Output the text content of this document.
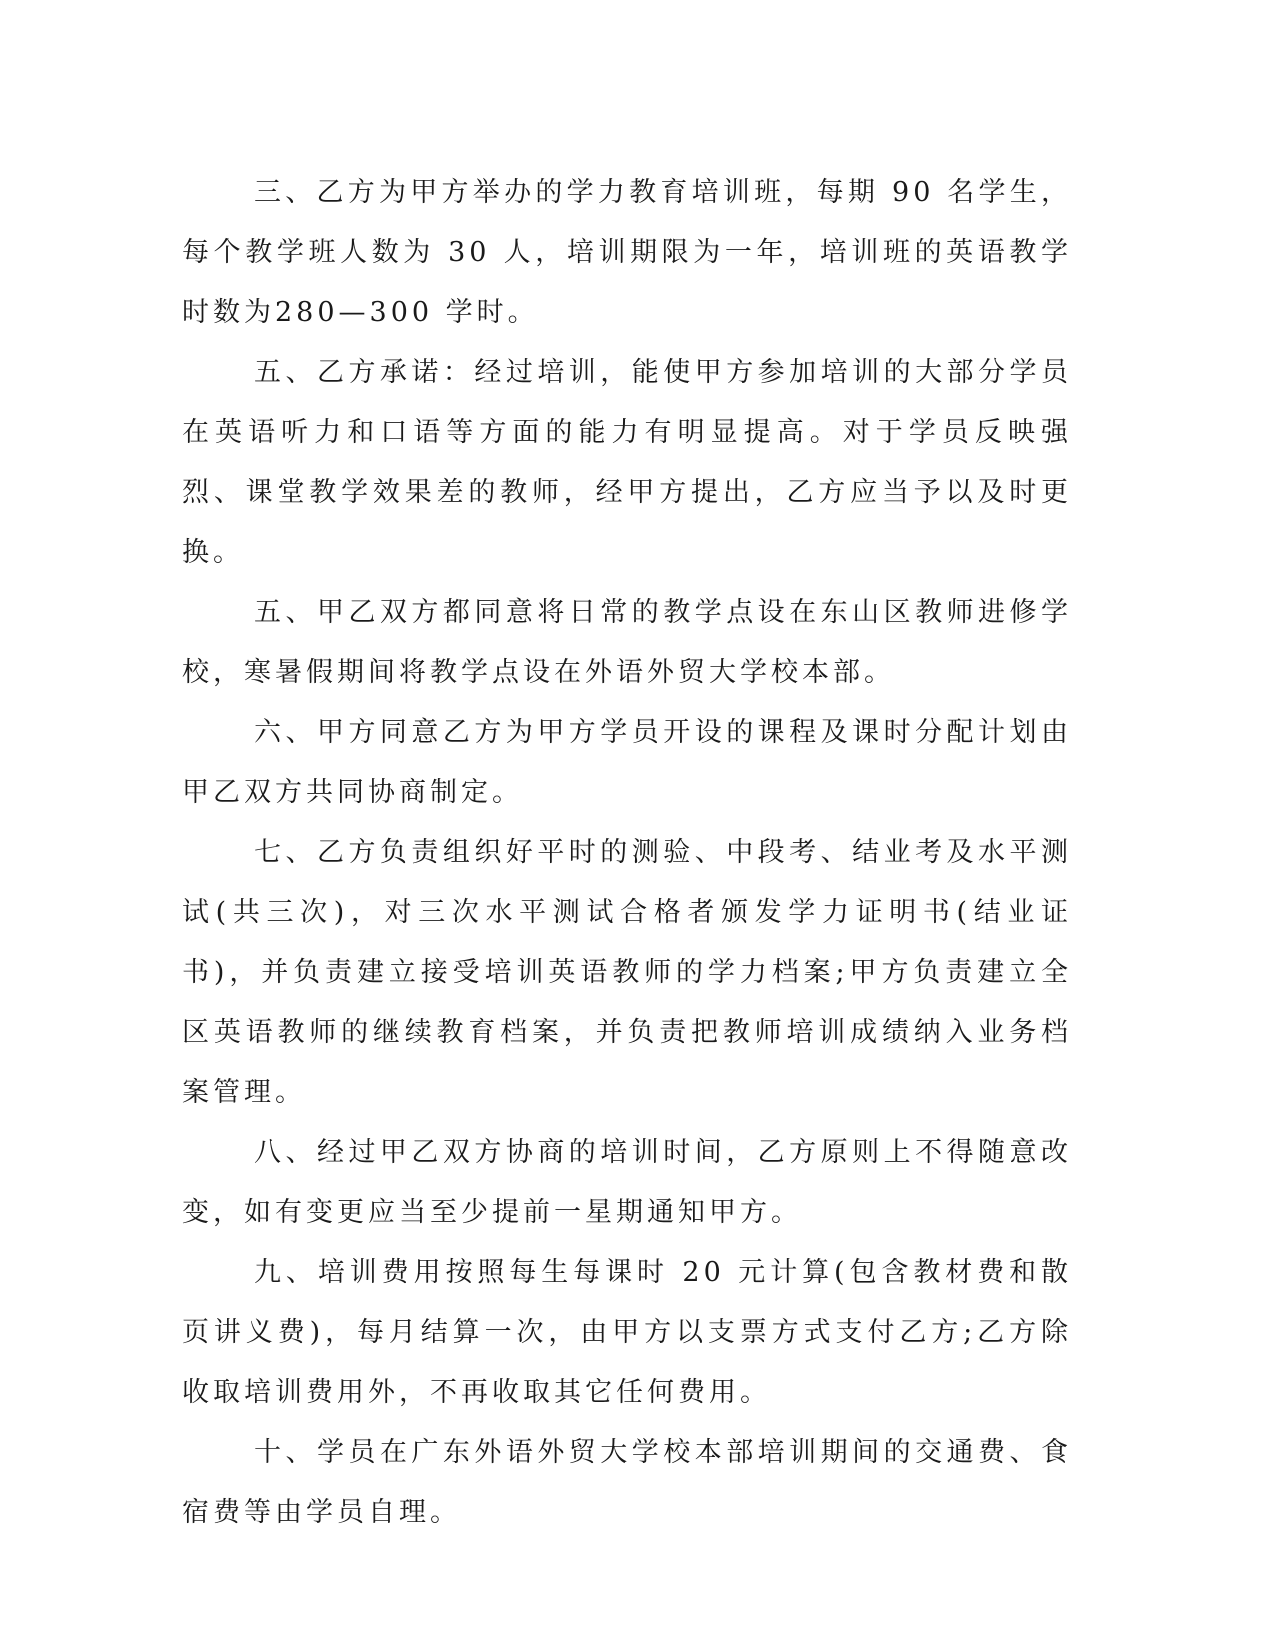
三、乙方为甲方举办的学力教育培训班，每期 90 名学生，每个教学班人数为 30 人，培训期限为一年，培训班的英语教学时数为280—300 学时。

五、乙方承诺：经过培训，能使甲方参加培训的大部分学员在英语听力和口语等方面的能力有明显提高。对于学员反映强烈、课堂教学效果差的教师，经甲方提出，乙方应当予以及时更换。

五、甲乙双方都同意将日常的教学点设在东山区教师进修学校，寒暑假期间将教学点设在外语外贸大学校本部。

六、甲方同意乙方为甲方学员开设的课程及课时分配计划由甲乙双方共同协商制定。

七、乙方负责组织好平时的测验、中段考、结业考及水平测试(共三次)，对三次水平测试合格者颁发学力证明书(结业证书)，并负责建立接受培训英语教师的学力档案;甲方负责建立全区英语教师的继续教育档案，并负责把教师培训成绩纳入业务档案管理。

八、经过甲乙双方协商的培训时间，乙方原则上不得随意改变，如有变更应当至少提前一星期通知甲方。

九、培训费用按照每生每课时 20 元计算(包含教材费和散页讲义费)，每月结算一次，由甲方以支票方式支付乙方;乙方除收取培训费用外，不再收取其它任何费用。

十、学员在广东外语外贸大学校本部培训期间的交通费、食宿费等由学员自理。
